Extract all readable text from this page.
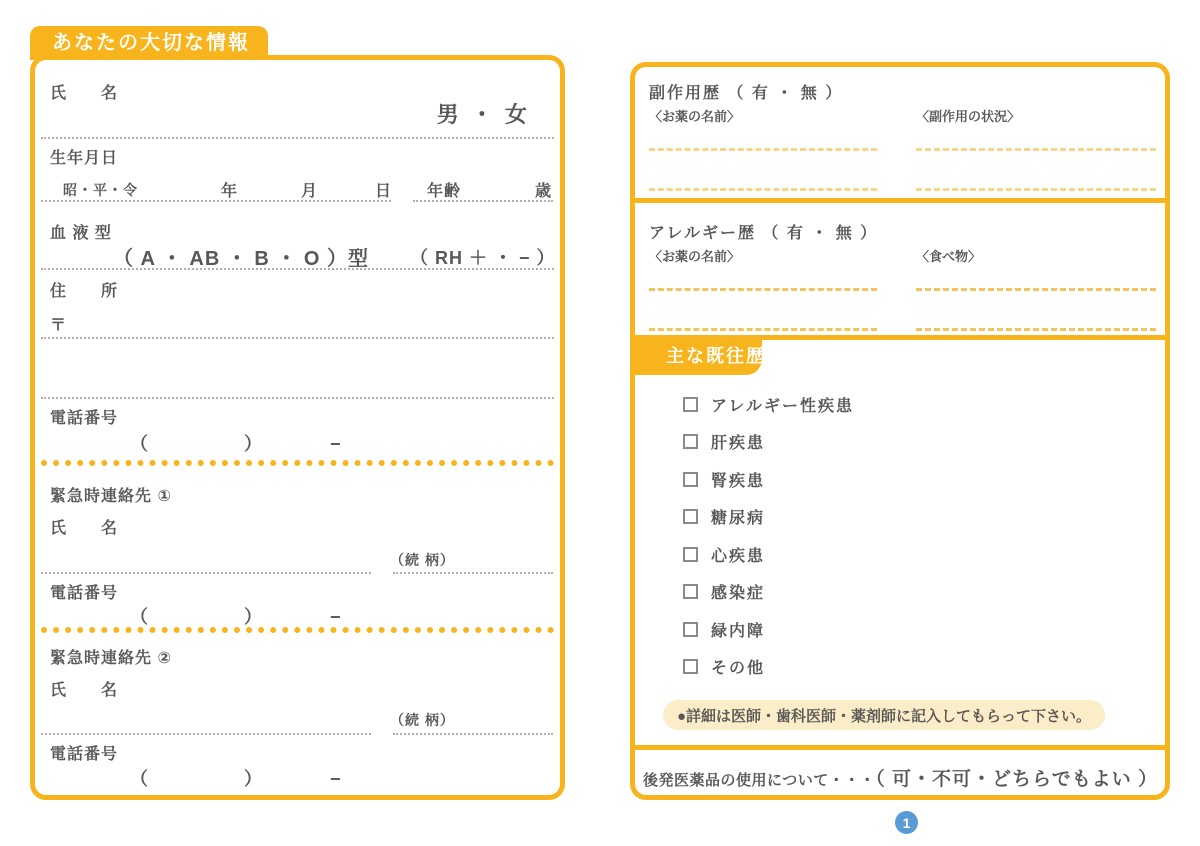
あなたの大切な情報
氏　　名
男 ・ 女
生年月日
昭・平・令	年	月	日 年齢	歳
血 液 型
（ A ・ AB ・ B ・ O ）型 （ RH ＋ ・ − ）
住　　所
〒
電話番号
（　　　　　）　　　　−
緊急時連絡先 ①
氏　　名
（続 柄）
電話番号
（　　　　　）　　　　−
緊急時連絡先 ②
氏　　名
（続 柄）
電話番号
（　　　　　）　　　　−
副作用歴 （ 有 ・ 無 ）
〈お薬の名前〉	〈副作用の状況〉
アレルギー歴 （ 有 ・ 無 ）
〈お薬の名前〉	〈食べ物〉
主な既往歴
アレルギー性疾患
肝疾患
腎疾患
糖尿病
心疾患
感染症
緑内障
その他
●詳細は医師・歯科医師・薬剤師に記入してもらって下さい。
後発医薬品の使用について・・・（ 可・不可・どちらでもよい ）
1
